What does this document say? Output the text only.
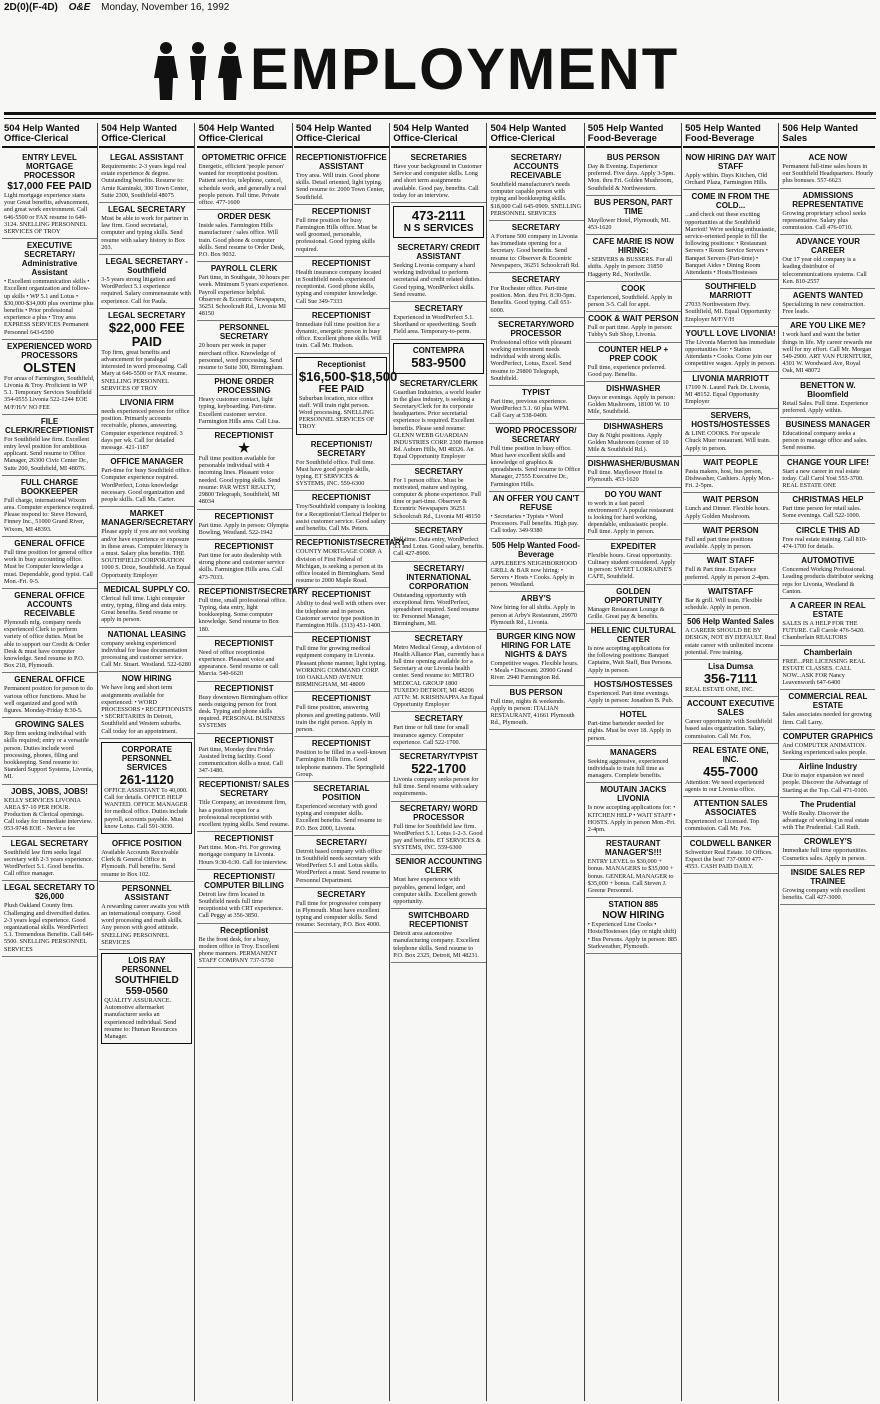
2D(0)(F-4D) O&E Monday, November 16, 1992
EMPLOYMENT
504 Help Wanted Office-Clerical
ENTRY LEVEL MORTGAGE PROCESSOR
$17,000 FEE PAID
Light mortgage experience starts your Great benefits, advancement, and great work environment. Call 646-5500 or FAX resume to 649-3124. SNELLING PERSONNEL SERVICES OF TROY
EXECUTIVE SECRETARY/ Administrative Assistant
• Excellent communication skills • Excellent organization and follow-up skills • WP 5.1 and Lotus • $30,000-$34,000 plus overtime plus benefits • Prior professional experience a plus • Troy area EXPRESS SERVICES Permanent Personnel 643-6590
EXPERIENCED WORD PROCESSORS
OLSTEN
For areas of Farmington, Southfield, Livonia & Troy. Proficient in WP 5.1. Temporary Services Southfield 354-0555 Livonia 522-1244 EOE M/F/H/V NO FEE
FILE CLERK/RECEPTIONIST
For Southfield law firm. Excellent entry level position for ambitious applicant. Send resume to Office Manager, 26300 Civic Center Dr., Suite 200, Southfield, MI 48076.
FULL CHARGE BOOKKEEPER
Full charge, international Wixom area. Computer experience required. Please respond to: Steve Howard, Finney Inc., 51000 Grand River, Wixom, MI 48393.
GENERAL OFFICE
Full time position for general office work in busy accounting office. Must be Computer knowledge a must. Dependable, good typist. Call Mon.-Fri. 9-5.
GENERAL OFFICE ACCOUNTS RECEIVABLE
Plymouth mfg. company needs experienced Clerk to perform variety of office duties. Must be able to support our Credit & Order Desk & must have computer knowledge. Send resume to P.O. Box 218, Plymouth.
GENERAL OFFICE
Permanent position for person to do various office functions. Must be well organized and good with figures. Monday-Friday 8:30-5.
GROWING SALES
Rep firm seeking individual with skills required; entry or a versatile person. Duties include word processing, phones, filing and bookkeeping. Send resume to: Standard Support Systems, Livonia, MI.
JOBS, JOBS, JOBS!
KELLY SERVICES LIVONIA AREA $7-10 PER HOUR. Production & Clerical openings. Call today for immediate interview. 953-9748 EOE - Never a fee
LEGAL SECRETARY
Southfield law firm seeks legal secretary with 2-3 years experience. WordPerfect 5.1. Good benefits. Call office manager.
LEGAL SECRETARY TO $26,000
Plush Oakland County firm. Challenging and diversified duties. 2-3 years legal experience. Good organizational skills. WordPerfect 5.1. Tremendous Benefits. Call 646-5500. SNELLING PERSONNEL SERVICES
504 Help Wanted Office-Clerical
LEGAL ASSISTANT
Requirements: 2-3 years legal real estate experience & degree. Outstanding benefits. Resume to: Arnie Kaminski, 300 Town Center, Suite 2300, Southfield 48075
LEGAL SECRETARY
Must be able to work for partner in law firm. Good secretarial, computer and typing skills. Send resume with salary history to Box 203.
LEGAL SECRETARY - Southfield
3-5 years strong litigation and WordPerfect 5.1 experience required. Salary commensurate with experience. Call for Paula.
LEGAL SECRETARY
$22,000 FEE PAID
Top firm, great benefits and advancement for paralegal interested in word processing. Call Mary at 646-5500 or FAX resume. SNELLING PERSONNEL SERVICES OF TROY
LIVONIA FIRM
needs experienced person for office position. Primarily accounts receivable, phones, answering. Computer experience required. 3 days per wk. Call for detailed message. 421-1187
OFFICE MANAGER
Part-time for busy Southfield office. Computer experience required. WordPerfect, Lotus knowledge necessary. Good organization and people skills. Call Ms. Carter.
MARKET MANAGER/SECRETARY
Please apply if you are not working and/or have experience or exposure in these areas. Computer literacy is a must. Salary plus benefits. THE SOUTHFIELD CORPORATION 1000 S. Dixie, Southfield. An Equal Opportunity Employer
MEDICAL SUPPLY CO.
Clerical full time. Light computer entry, typing, filing and data entry. Great benefits. Send resume or apply in person.
NATIONAL LEASING
company seeking experienced individual for lease documentation processing and customer service. Call Mr. Stuart. Westland. 522-6280
NOW HIRING
We have long and short term assignments available for experienced: • WORD PROCESSORS • RECEPTIONISTS • SECRETARIES In Detroit, Southfield and Western suburbs. Call today for an appointment.
CORPORATE PERSONNEL SERVICES
261-1120
OFFICE ASSISTANT To 40,000. Call for details. OFFICE HELP WANTED. OFFICE MANAGER for medical office. Duties include payroll, accounts payable. Must know Lotus. Call 591-3030.
OFFICE POSITION
Available Accounts Receivable Clerk & General Office in Plymouth. Full benefits. Send resume to Box 102.
PERSONNEL ASSISTANT
A rewarding career awaits you with an international company. Good word processing and math skills. Any person with good attitude. SNELLING PERSONNEL SERVICES
LOIS RAY PERSONNEL
SOUTHFIELD 559-0560
QUALITY ASSURANCE. Automotive aftermarket manufacturer seeks an experienced individual. Send resume to: Human Resources Manager.
504 Help Wanted Office-Clerical
OPTOMETRIC OFFICE
Energetic, efficient 'people person' wanted for receptionist position. Patient service, telephone, cancel, schedule work, and generally a real people person. Full time. Private office. 477-1600
ORDER DESK
Inside sales. Farmington Hills manufacturer / sales office. Will train. Good phone & computer skills. Send resume to Order Desk, P.O. Box 9032.
PAYROLL CLERK
Part time, in Southgate, 30 hours per week. Minimum 5 years experience. Payroll experience helpful. Observer & Eccentric Newspapers, 36251 Schoolcraft Rd., Livonia MI 48150
PERSONNEL SECRETARY
20 hours per week in paper merchant office. Knowledge of personnel, word processing. Send resume to Suite 300, Birmingham.
PHONE ORDER PROCESSING
Heavy customer contact, light typing, keyboarding. Part-time. Excellent customer service. Farmington Hills area. Call Lisa.
RECEPTIONIST
★
Full time position available for personable individual with 4 incoming lines. Pleasant voice needed. Good typing skills. Send resume: PAR WEST REALTY, 29800 Telegraph, Southfield, MI 48034
RECEPTIONIST
Part time. Apply in person: Olympia Bowling, Westland. 522-1942
RECEPTIONIST
Part time for auto dealership with strong phone and customer service skills. Farmington Hills area. Call 473-7033.
RECEPTIONIST/SECRETARY
Full time, small professional office. Typing, data entry, light bookkeeping. Some computer knowledge. Send resume to Box 180.
RECEPTIONIST
Need of office receptionist experience. Pleasant voice and appearance. Send resume or call Marcia. 540-6620
RECEPTIONIST
Busy downtown Birmingham office needs outgoing person for front desk. Typing and phone skills required. PERSONAL BUSINESS SYSTEMS
RECEPTIONIST
Part time, Monday thru Friday. Assisted living facility. Good communication skills a must. Call 347-1480.
RECEPTIONIST/ SALES SECRETARY
Title Company, an investment firm, has a position open for a professional receptionist with excellent typing skills. Send resume.
RECEPTIONIST
Part time. Mon.-Fri. For growing mortgage company in Livonia. Hours 9:30-6:30. Call for interview.
RECEPTIONIST/ COMPUTER BILLING
Detroit law firm located in Southfield needs full time receptionist with CRT experience. Call Peggy at 356-3850.
Receptionist
Be the front desk, for a busy, modern office in Troy. Excellent phone manners. PERMANENT STAFF COMPANY 737-5750
504 Help Wanted Office-Clerical
RECEPTIONIST/OFFICE ASSISTANT
Troy area. Will train. Good phone skills. Detail oriented, light typing. Send resume to: 2000 Town Center, Southfield.
RECEPTIONIST
Full time position for busy Farmington Hills office. Must be well groomed, personable, professional. Good typing skills required.
RECEPTIONIST
Health insurance company located in Southfield needs experienced receptionist. Good phone skills, typing and computer knowledge. Call Sue 349-7333
RECEPTIONIST
Immediate full time position for a dynamic, energetic person in busy office. Excellent phone skills. Will train. Call Mr. Hudson.
Receptionist
$16,500-$18,500
FEE PAID
Suburban location, nice office staff. Will train right person. Word processing. SNELLING PERSONNEL SERVICES OF TROY
RECEPTIONIST/ SECRETARY
For Southfield office. Full time. Must have good people skills, typing. ET SERVICES & SYSTEMS, INC. 559-6300
RECEPTIONIST
Troy/Southfield company is looking for a Receptionist/Clerical Helper to assist customer service. Good salary and benefits. Call Ms. Peters.
RECEPTIONIST/SECRETARY
COUNTY MORTGAGE CORP. A division of First Federal of Michigan, is seeking a person at its office located in Birmingham. Send resume to 2000 Maple Road.
RECEPTIONIST
Ability to deal well with others over the telephone and in person. Customer service type position in Farmington Hills. (313) 451-1400.
RECEPTIONIST
Full time for growing medical equipment company in Livonia. Pleasant phone manner, light typing. WORKING COMMAND CORP. 160 OAKLAND AVENUE BIRMINGHAM, MI 48009
RECEPTIONIST
Full time position, answering phones and greeting patients. Will train the right person. Apply in person.
RECEPTIONIST
Position to be filled in a well-known Farmington Hills firm. Good telephone manners. The Springfield Group.
SECRETARIAL POSITION
Experienced secretary with good typing and computer skills. Excellent benefits. Send resume to P.O. Box 2000, Livonia.
SECRETARY/
Detroit based company with office in Southfield needs secretary with WordPerfect 5.1 and Lotus skills. WordPerfect a must. Send resume to Personnel Department.
SECRETARY
Full time for progressive company in Plymouth. Must have excellent typing and computer skills. Send resume: Secretary, P.O. Box 4000.
504 Help Wanted Office-Clerical
SECRETARIES
Have your background in Customer Service and computer skills. Long and short term assignments available. Good pay, benefits. Call today for an interview.
473-2111
N S SERVICES
SECRETARY/ CREDIT ASSISTANT
Seeking Livonia company a hard working individual to perform secretarial and credit related duties. Good typing, WordPerfect skills. Send resume.
SECRETARY
Experienced in WordPerfect 5.1. Shorthand or speedwriting. South Field area. Temporary-to-perm.
CONTEMPRA
583-9500
SECRETARY/CLERK
Guardian Industries, a world leader in the glass industry, is seeking a Secretary/Clerk for its corporate headquarters. Prior secretarial experience is required. Excellent benefits. Please send resume: GLENN WEBB GUARDIAN INDUSTRIES CORP. 2300 Harmon Rd. Auburn Hills, MI 48326. An Equal Opportunity Employer
SECRETARY
For 1 person office. Must be motivated, mature and typing, computer & phone experience. Full time or part-time. Observer & Eccentric Newspapers 36251 Schoolcraft Rd., Livonia MI 48150
SECRETARY
Full time. Data entry, WordPerfect 5.1 and Lotus. Good salary, benefits. Call 427-8900.
SECRETARY/ INTERNATIONAL CORPORATION
Outstanding opportunity with exceptional firm. WordPerfect, spreadsheet required. Send resume to: Personnel Manager, Birmingham, MI.
SECRETARY
Metro Medical Group, a division of Health Alliance Plan, currently has a full time opening available for a Secretary at our Livonia health center. Send resume to: METRO MEDICAL GROUP 1800 TUXEDO DETROIT, MI 48206 ATTN: M. KRISHNAPPA An Equal Opportunity Employer
SECRETARY
Part time or full time for small insurance agency. Computer experience. Call 522-1700.
SECRETARY/TYPIST
522-1700
Livonia company seeks person for full time. Send resume with salary requirements.
SECRETARY/ WORD PROCESSOR
Full time for Southfield law firm. WordPerfect 5.1. Lotus 1-2-3. Good pay and benefits. ET SERVICES & SYSTEMS, INC. 559-6300
SENIOR ACCOUNTING CLERK
Must have experience with payables, general ledger, and computer skills. Excellent growth opportunity.
SWITCHBOARD RECEPTIONIST
Detroit area automotive manufacturing company. Excellent telephone skills. Send resume to P.O. Box 2325, Detroit, MI 48231.
504 Help Wanted Office-Clerical
SECRETARY/ ACCOUNTS RECEIVABLE
Southfield manufacturer's needs computer capable person with typing and bookkeeping skills. $18,000 Call 645-0909. SNELLING PERSONNEL SERVICES
SECRETARY
A Fortune 500 company in Livonia has immediate opening for a Secretary. Good benefits. Send resume to: Observer & Eccentric Newspapers, 36251 Schoolcraft Rd.
SECRETARY
For Rochester office. Part-time position. Mon. thru Fri. 8:30-5pm. Benefits. Good typing. Call 651-6000.
SECRETARY/WORD PROCESSOR
Professional office with pleasant working environment needs individual with strong skills. WordPerfect, Lotus, Excel. Send resume to 29800 Telegraph, Southfield.
TYPIST
Part time, previous experience. WordPerfect 5.1. 60 plus WPM. Call Gary at 538-0400.
WORD PROCESSOR/ SECRETARY
Full time position in busy office. Must have excellent skills and knowledge of graphics & spreadsheets. Send resume to Office Manager, 27555 Executive Dr., Farmington Hills.
AN OFFER YOU CAN'T REFUSE
• Secretaries • Typists • Word Processors. Full benefits. High pay. Call today. 349-9380
505 Help Wanted Food-Beverage
APPLEBEE'S NEIGHBORHOOD GRILL & BAR now hiring: • Servers • Hosts • Cooks. Apply in person. Westland.
ARBY'S
Now hiring for all shifts. Apply in person at Arby's Restaurant, 29970 Plymouth Rd., Livonia.
BURGER KING NOW HIRING FOR LATE NIGHTS & DAYS
Competitive wages. Flexible hours. • Meals • Discount. 20900 Grand River. 2940 Farmington Rd.
BUS PERSON
Full time, nights & weekends. Apply in person: ITALIAN RESTAURANT, 41661 Plymouth Rd., Plymouth.
505 Help Wanted Food-Beverage
BUS PERSON
Day & Evening. Experience preferred. Five days. Apply 3-5pm. Mon. thru Fri. Golden Mushroom, Southfield & Northwestern.
BUS PERSON, PART TIME
Mayflower Hotel, Plymouth, MI. 453-1620
CAFE MARIE IS NOW HIRING:
• SERVERS & BUSSERS. For all shifts. Apply in person: 31850 Haggerty Rd., Northville.
COOK
Experienced, Southfield. Apply in person 3-5. Call for appt.
COOK & WAIT PERSON
Full or part time. Apply in person: Tubby's Sub Shop, Livonia.
COUNTER HELP + PREP COOK
Full time, experience preferred. Good pay. Benefits.
DISHWASHER
Days or evenings. Apply in person: Golden Mushroom, 18100 W. 10 Mile, Southfield.
DISHWASHERS
Day & Night positions. Apply Golden Mushroom (corner of 10 Mile & Southfield Rd.).
DISHWASHER/BUSMAN
Full time. Mayflower Hotel in Plymouth. 453-1620
DO YOU WANT
to work in a fast paced environment? A popular restaurant is looking for hard working, dependable, enthusiastic people. Full time. Apply in person.
EXPEDITER
Flexible hours. Great opportunity. Culinary student considered. Apply in person: SWEET LORRAINE'S CAFE, Southfield.
GOLDEN OPPORTUNITY
Manager Restaurant Lounge & Grille. Great pay & benefits.
HELLENIC CULTURAL CENTER
Is now accepting applications for the following positions: Banquet Captains, Wait Staff, Bus Persons. Apply in person.
HOSTS/HOSTESSES
Experienced. Part time evenings. Apply in person: Jonathon B. Pub.
HOTEL
Part-time bartender needed for nights. Must be over 18. Apply in person.
MANAGERS
Seeking aggressive, experienced individuals to train full time as managers. Complete benefits.
MOUTAIN JACKS LIVONIA
Is now accepting applications for: • KITCHEN HELP • WAIT STAFF • HOSTS. Apply in person Mon.-Fri. 2-4pm.
RESTAURANT MANAGER'S!!!
ENTRY LEVEL to $30,000 + bonus. MANAGERS to $35,000 + bonus. GENERAL MANAGER to $35,000 + bonus. Call Steven J. Greene Personnel.
STATION 885
NOW HIRING
• Experienced Line Cooks • Hosts/Hostesses (day or night shift) • Bus Persons. Apply in person: 885 Starkweather, Plymouth.
505 Help Wanted Food-Beverage
NOW HIRING DAY WAIT STAFF
Apply within. Days Kitchen, Old Orchard Plaza, Farmington Hills.
COME IN FROM THE COLD...
...and check out these exciting opportunities at the Southfield Marriott! We're seeking enthusiastic, service-oriented people to fill the following positions: • Restaurant Servers • Room Service Servers • Banquet Servers (Part-time) • Banquet Aides • Dining Room Attendants • Hosts/Hostesses
SOUTHFIELD MARRIOTT
27033 Northwestern Hwy. Southfield, MI. Equal Opportunity Employer M/F/V/H
YOU'LL LOVE LIVONIA!
The Livonia Marriott has immediate opportunities for: • Station Attendants • Cooks. Come join our competitive wages. Apply in person.
LIVONIA MARRIOTT
17100 N. Laurel Park Dr. Livonia, MI 48152. Equal Opportunity Employer
SERVERS, HOSTS/HOSTESSES
& LINE COOKS. For upscale Chuck Muer restaurant. Will train. Apply in person.
WAIT PEOPLE
Pasta makers, host, bus person, Dishwasher, Cashiers. Apply Mon.-Fri. 2-5pm.
WAIT PERSON
Lunch and Dinner. Flexible hours. Apply Golden Mushroom.
WAIT PERSON
Full and part time positions available. Apply in person.
WAIT STAFF
Full & Part time. Experience preferred. Apply in person 2-4pm.
WAITSTAFF
Bar & grill. Will train. Flexible schedule. Apply in person.
506 Help Wanted Sales
A CAREER SHOULD BE BY DESIGN, NOT BY DEFAULT. Real estate career with unlimited income potential. Free training.
Lisa Dumsa
356-7111
REAL ESTATE ONE, INC.
ACCOUNT EXECUTIVE SALES
Career opportunity with Southfield based sales organization. Salary, commission. Call Mr. Fox.
REAL ESTATE ONE, INC.
455-7000
Attention: We need experienced agents in our Livonia office.
ATTENTION SALES ASSOCIATES
Experienced or Licensed. Top commission. Call Mr. Fox.
COLDWELL BANKER
Schweitzer Real Estate. 10 Offices. Expect the best! 737-0000 477-4553. CASH PAID DAILY.
506 Help Wanted Sales
ACE NOW
Permanent full-time sales hours in our Southfield Headquarters. Hourly plus bonuses. 557-6623
ADMISSIONS REPRESENTATIVE
Growing proprietary school seeks representative. Salary plus commission. Call 476-0710.
ADVANCE YOUR CAREER
Our 17 year old company is a leading distributor of telecommunications systems. Call Ken. 810-2557
AGENTS WANTED
Specializing in new construction. Free leads.
ARE YOU LIKE ME?
I work hard and want the better things in life. My career rewards me well for my effort. Call Mr. Morgan 549-2900. ART VAN FURNITURE, 4301 W. Woodward Ave, Royal Oak, MI 48072
BENETTON W. Bloomfield
Retail Sales. Full time. Experience preferred. Apply within.
BUSINESS MANAGER
Educational company seeks a person to manage office and sales. Send resume.
CHANGE YOUR LIFE!
Start a new career in real estate today. Call Carol Yost 553-3700. REAL ESTATE ONE
CHRISTMAS HELP
Part time person for retail sales. Some evenings. Call 522-1000.
CIRCLE THIS AD
Free real estate training. Call 810-474-1700 for details.
AUTOMOTIVE
Concerned Working Professional. Leading products distributor seeking reps for Livonia, Westland & Canton.
A CAREER IN REAL ESTATE
SALES IS A HELP FOR THE FUTURE. Call Carole 476-5420. Chamberlain REALTORS
Chamberlain
FREE...PRE LICENSING REAL ESTATE CLASSES. CALL NOW...ASK FOR Nancy Leavenworth 647-6400
COMMERCIAL REAL ESTATE
Sales associates needed for growing firm. Call Larry.
COMPUTER GRAPHICS
And COMPUTER ANIMATION. Seeking experienced sales people.
Airline Industry
Due to major expansion we need people. Discover the Advantage of Starting at the Top. Call 471-0100.
The Prudential
Wolfe Realty. Discover the advantage of working in real estate with The Prudential. Call Ruth.
CROWLEY'S
Immediate full time opportunities. Cosmetics sales. Apply in person.
INSIDE SALES REP TRAINEE
Growing company with excellent benefits. Call 427-3000.
